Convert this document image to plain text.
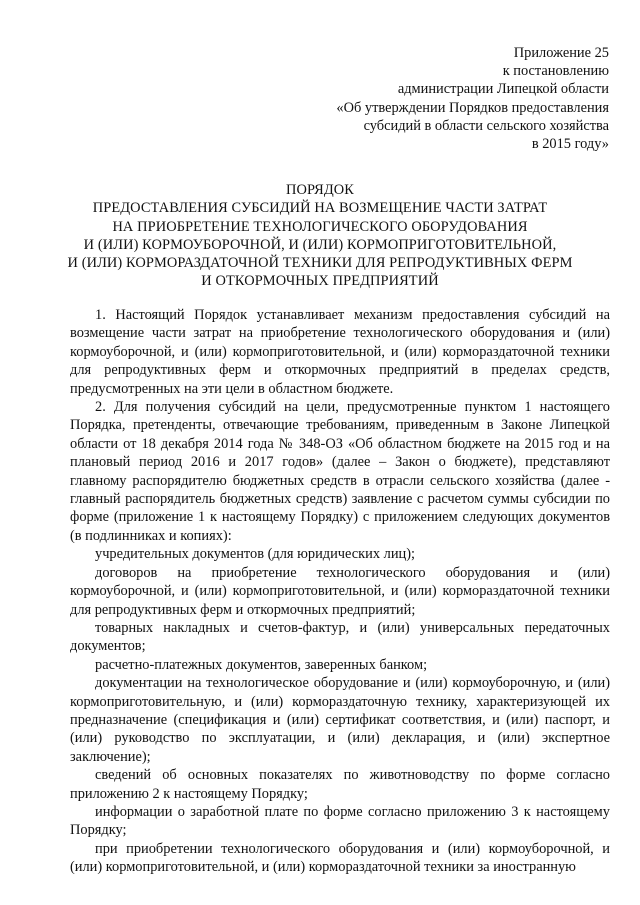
Приложение 25
к постановлению
администрации Липецкой области
«Об утверждении Порядков предоставления
субсидий в области сельского хозяйства
в 2015 году»
ПОРЯДОК
ПРЕДОСТАВЛЕНИЯ СУБСИДИЙ НА ВОЗМЕЩЕНИЕ ЧАСТИ ЗАТРАТ
НА ПРИОБРЕТЕНИЕ ТЕХНОЛОГИЧЕСКОГО ОБОРУДОВАНИЯ
И (ИЛИ) КОРМОУБОРОЧНОЙ, И (ИЛИ) КОРМОПРИГОТОВИТЕЛЬНОЙ,
И (ИЛИ) КОРМОРАЗДАТОЧНОЙ ТЕХНИКИ ДЛЯ РЕПРОДУКТИВНЫХ ФЕРМ
И ОТКОРМОЧНЫХ ПРЕДПРИЯТИЙ

1. Настоящий Порядок устанавливает механизм предоставления субсидий на возмещение части затрат на приобретение технологического оборудования и (или) кормоуборочной, и (или) кормоприготовительной, и (или) кормораздаточной техники для репродуктивных ферм и откормочных предприятий в пределах средств, предусмотренных на эти цели в областном бюджете.

2. Для получения субсидий на цели, предусмотренные пунктом 1 настоящего Порядка, претенденты, отвечающие требованиям, приведенным в Законе Липецкой области от 18 декабря 2014 года № 348-ОЗ «Об областном бюджете на 2015 год и на плановый период 2016 и 2017 годов» (далее – Закон о бюджете), представляют главному распорядителю бюджетных средств в отрасли сельского хозяйства (далее - главный распорядитель бюджетных средств) заявление с расчетом суммы субсидии по форме (приложение 1 к настоящему Порядку) с приложением следующих документов (в подлинниках и копиях):

учредительных документов (для юридических лиц);

договоров на приобретение технологического оборудования и (или) кормоуборочной, и (или) кормоприготовительной, и (или) кормораздаточной техники для репродуктивных ферм и откормочных предприятий;

товарных накладных и счетов-фактур, и (или) универсальных передаточных документов;

расчетно-платежных документов, заверенных банком;

документации на технологическое оборудование и (или) кормоуборочную, и (или) кормоприготовительную, и (или) кормораздаточную технику, характеризующей их предназначение (спецификация и (или) сертификат соответствия, и (или) паспорт, и (или) руководство по эксплуатации, и (или) декларация, и (или) экспертное заключение);

сведений об основных показателях по животноводству по форме согласно приложению 2 к настоящему Порядку;

информации о заработной плате по форме согласно приложению 3 к настоящему Порядку;

при приобретении технологического оборудования и (или) кормоуборочной, и (или) кормоприготовительной, и (или) кормораздаточной техники за иностранную
